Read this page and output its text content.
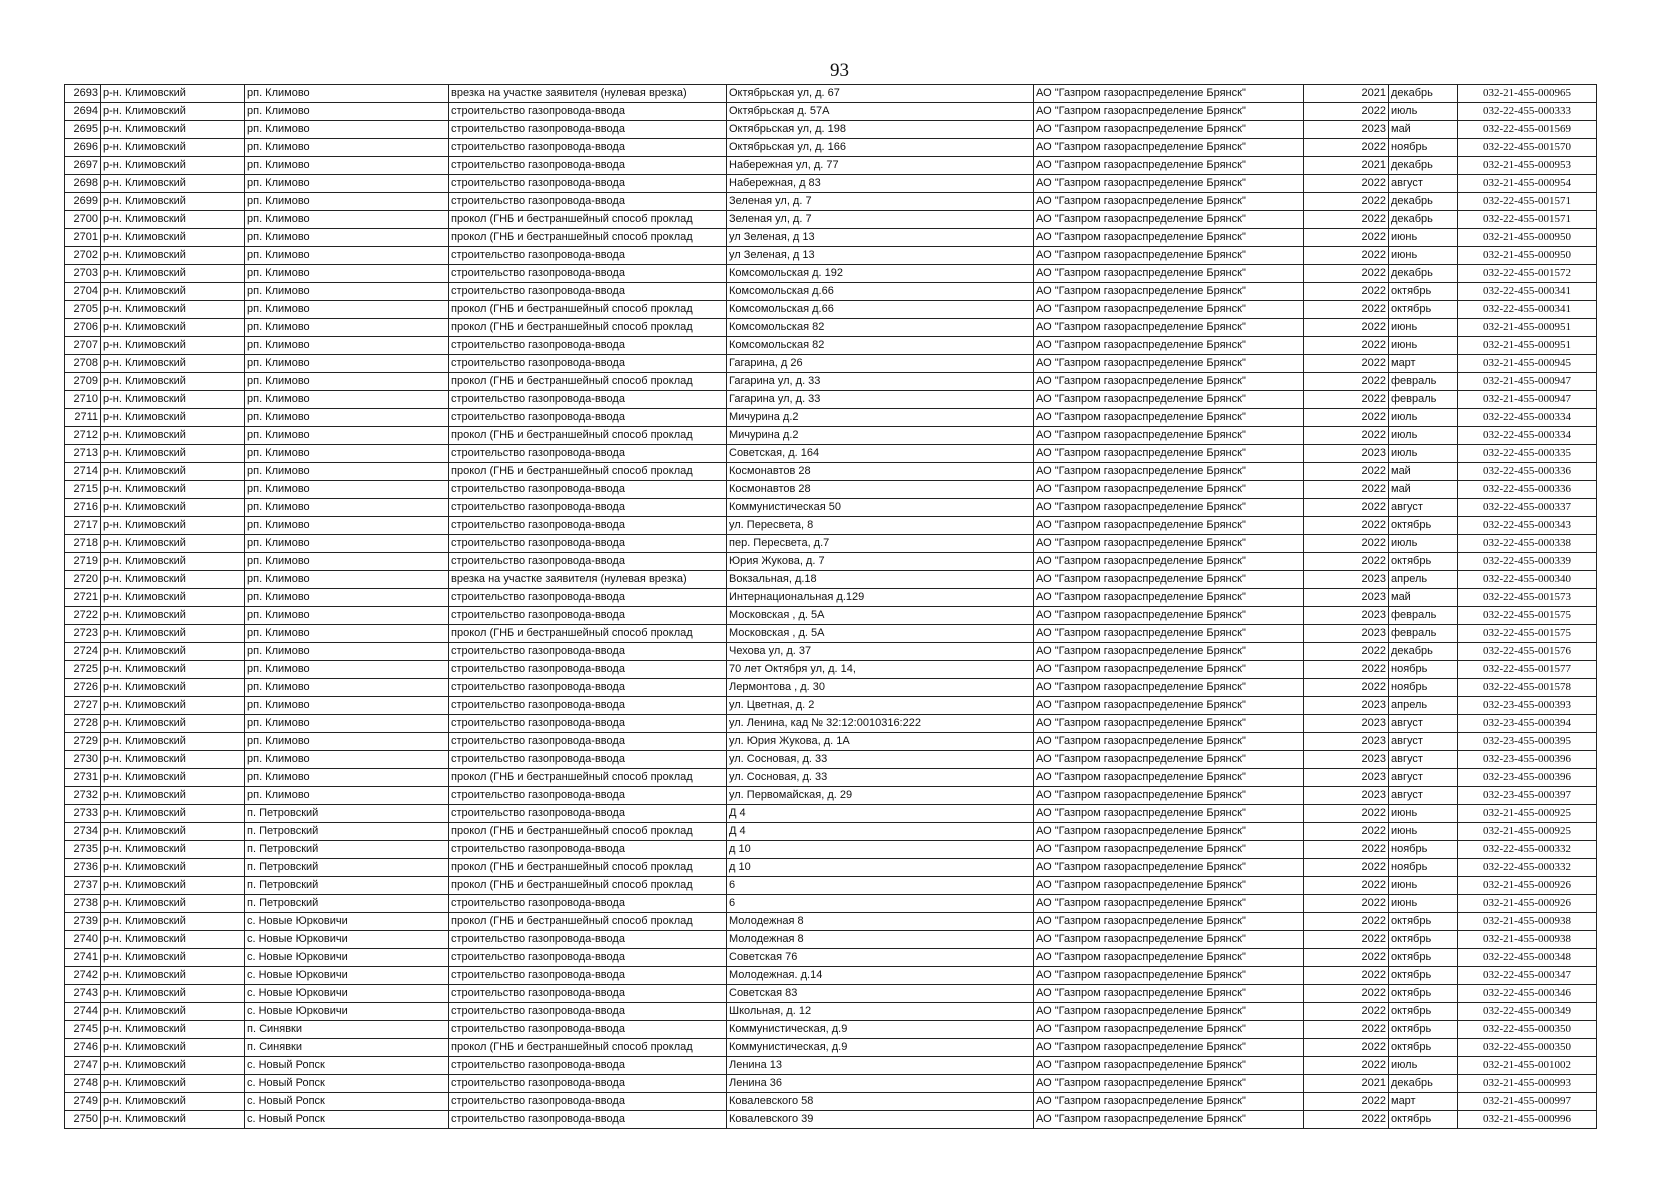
93
2693	р-н. Климовский	рп. Климово	врезка на участке заявителя (нулевая врезка)	Октябрьская ул, д. 67	АО "Газпром газораспределение Брянск"	2021	декабрь	032-21-455-000965
2694	р-н. Климовский	рп. Климово	строительство газопровода-ввода	Октябрьская д. 57А	АО "Газпром газораспределение Брянск"	2022	июль	032-22-455-000333
2695	р-н. Климовский	рп. Климово	строительство газопровода-ввода	Октябрьская ул, д. 198	АО "Газпром газораспределение Брянск"	2023	май	032-22-455-001569
2696	р-н. Климовский	рп. Климово	строительство газопровода-ввода	Октябрьская ул, д. 166	АО "Газпром газораспределение Брянск"	2022	ноябрь	032-22-455-001570
2697	р-н. Климовский	рп. Климово	строительство газопровода-ввода	Набережная ул, д. 77	АО "Газпром газораспределение Брянск"	2021	декабрь	032-21-455-000953
2698	р-н. Климовский	рп. Климово	строительство газопровода-ввода	Набережная, д 83	АО "Газпром газораспределение Брянск"	2022	август	032-21-455-000954
2699	р-н. Климовский	рп. Климово	строительство газопровода-ввода	Зеленая ул, д. 7	АО "Газпром газораспределение Брянск"	2022	декабрь	032-22-455-001571
2700	р-н. Климовский	рп. Климово	прокол (ГНБ и бестраншейный способ проклад	Зеленая ул, д. 7	АО "Газпром газораспределение Брянск"	2022	декабрь	032-22-455-001571
2701	р-н. Климовский	рп. Климово	прокол (ГНБ и бестраншейный способ проклад	ул Зеленая, д 13	АО "Газпром газораспределение Брянск"	2022	июнь	032-21-455-000950
2702	р-н. Климовский	рп. Климово	строительство газопровода-ввода	ул Зеленая, д 13	АО "Газпром газораспределение Брянск"	2022	июнь	032-21-455-000950
2703	р-н. Климовский	рп. Климово	строительство газопровода-ввода	Комсомольская д. 192	АО "Газпром газораспределение Брянск"	2022	декабрь	032-22-455-001572
2704	р-н. Климовский	рп. Климово	строительство газопровода-ввода	Комсомольская д.66	АО "Газпром газораспределение Брянск"	2022	октябрь	032-22-455-000341
2705	р-н. Климовский	рп. Климово	прокол (ГНБ и бестраншейный способ проклад	Комсомольская д.66	АО "Газпром газораспределение Брянск"	2022	октябрь	032-22-455-000341
2706	р-н. Климовский	рп. Климово	прокол (ГНБ и бестраншейный способ проклад	Комсомольская 82	АО "Газпром газораспределение Брянск"	2022	июнь	032-21-455-000951
2707	р-н. Климовский	рп. Климово	строительство газопровода-ввода	Комсомольская 82	АО "Газпром газораспределение Брянск"	2022	июнь	032-21-455-000951
2708	р-н. Климовский	рп. Климово	строительство газопровода-ввода	Гагарина, д 26	АО "Газпром газораспределение Брянск"	2022	март	032-21-455-000945
2709	р-н. Климовский	рп. Климово	прокол (ГНБ и бестраншейный способ проклад	Гагарина ул, д. 33	АО "Газпром газораспределение Брянск"	2022	февраль	032-21-455-000947
2710	р-н. Климовский	рп. Климово	строительство газопровода-ввода	Гагарина ул, д. 33	АО "Газпром газораспределение Брянск"	2022	февраль	032-21-455-000947
2711	р-н. Климовский	рп. Климово	строительство газопровода-ввода	Мичурина д.2	АО "Газпром газораспределение Брянск"	2022	июль	032-22-455-000334
2712	р-н. Климовский	рп. Климово	прокол (ГНБ и бестраншейный способ проклад	Мичурина д.2	АО "Газпром газораспределение Брянск"	2022	июль	032-22-455-000334
2713	р-н. Климовский	рп. Климово	строительство газопровода-ввода	Советская, д. 164	АО "Газпром газораспределение Брянск"	2023	июль	032-22-455-000335
2714	р-н. Климовский	рп. Климово	прокол (ГНБ и бестраншейный способ проклад	Космонавтов 28	АО "Газпром газораспределение Брянск"	2022	май	032-22-455-000336
2715	р-н. Климовский	рп. Климово	строительство газопровода-ввода	Космонавтов 28	АО "Газпром газораспределение Брянск"	2022	май	032-22-455-000336
2716	р-н. Климовский	рп. Климово	строительство газопровода-ввода	Коммунистическая 50	АО "Газпром газораспределение Брянск"	2022	август	032-22-455-000337
2717	р-н. Климовский	рп. Климово	строительство газопровода-ввода	ул. Пересвета, 8	АО "Газпром газораспределение Брянск"	2022	октябрь	032-22-455-000343
2718	р-н. Климовский	рп. Климово	строительство газопровода-ввода	пер. Пересвета, д.7	АО "Газпром газораспределение Брянск"	2022	июль	032-22-455-000338
2719	р-н. Климовский	рп. Климово	строительство газопровода-ввода	Юрия Жукова, д. 7	АО "Газпром газораспределение Брянск"	2022	октябрь	032-22-455-000339
2720	р-н. Климовский	рп. Климово	врезка на участке заявителя (нулевая врезка)	Вокзальная, д.18	АО "Газпром газораспределение Брянск"	2023	апрель	032-22-455-000340
2721	р-н. Климовский	рп. Климово	строительство газопровода-ввода	Интернациональная д.129	АО "Газпром газораспределение Брянск"	2023	май	032-22-455-001573
2722	р-н. Климовский	рп. Климово	строительство газопровода-ввода	Московская , д. 5А	АО "Газпром газораспределение Брянск"	2023	февраль	032-22-455-001575
2723	р-н. Климовский	рп. Климово	прокол (ГНБ и бестраншейный способ проклад	Московская , д. 5А	АО "Газпром газораспределение Брянск"	2023	февраль	032-22-455-001575
2724	р-н. Климовский	рп. Климово	строительство газопровода-ввода	Чехова ул, д. 37	АО "Газпром газораспределение Брянск"	2022	декабрь	032-22-455-001576
2725	р-н. Климовский	рп. Климово	строительство газопровода-ввода	70 лет Октября ул, д. 14,	АО "Газпром газораспределение Брянск"	2022	ноябрь	032-22-455-001577
2726	р-н. Климовский	рп. Климово	строительство газопровода-ввода	Лермонтова , д. 30	АО "Газпром газораспределение Брянск"	2022	ноябрь	032-22-455-001578
2727	р-н. Климовский	рп. Климово	строительство газопровода-ввода	ул. Цветная, д. 2	АО "Газпром газораспределение Брянск"	2023	апрель	032-23-455-000393
2728	р-н. Климовский	рп. Климово	строительство газопровода-ввода	ул. Ленина, кад № 32:12:0010316:222	АО "Газпром газораспределение Брянск"	2023	август	032-23-455-000394
2729	р-н. Климовский	рп. Климово	строительство газопровода-ввода	ул. Юрия Жукова, д. 1А	АО "Газпром газораспределение Брянск"	2023	август	032-23-455-000395
2730	р-н. Климовский	рп. Климово	строительство газопровода-ввода	ул. Сосновая, д. 33	АО "Газпром газораспределение Брянск"	2023	август	032-23-455-000396
2731	р-н. Климовский	рп. Климово	прокол (ГНБ и бестраншейный способ проклад	ул. Сосновая, д. 33	АО "Газпром газораспределение Брянск"	2023	август	032-23-455-000396
2732	р-н. Климовский	рп. Климово	строительство газопровода-ввода	ул. Первомайская, д. 29	АО "Газпром газораспределение Брянск"	2023	август	032-23-455-000397
2733	р-н. Климовский	п. Петровский	строительство газопровода-ввода	Д 4	АО "Газпром газораспределение Брянск"	2022	июнь	032-21-455-000925
2734	р-н. Климовский	п. Петровский	прокол (ГНБ и бестраншейный способ проклад	Д 4	АО "Газпром газораспределение Брянск"	2022	июнь	032-21-455-000925
2735	р-н. Климовский	п. Петровский	строительство газопровода-ввода	д 10	АО "Газпром газораспределение Брянск"	2022	ноябрь	032-22-455-000332
2736	р-н. Климовский	п. Петровский	прокол (ГНБ и бестраншейный способ проклад	д 10	АО "Газпром газораспределение Брянск"	2022	ноябрь	032-22-455-000332
2737	р-н. Климовский	п. Петровский	прокол (ГНБ и бестраншейный способ проклад	6	АО "Газпром газораспределение Брянск"	2022	июнь	032-21-455-000926
2738	р-н. Климовский	п. Петровский	строительство газопровода-ввода	6	АО "Газпром газораспределение Брянск"	2022	июнь	032-21-455-000926
2739	р-н. Климовский	с. Новые Юрковичи	прокол (ГНБ и бестраншейный способ проклад	Молодежная 8	АО "Газпром газораспределение Брянск"	2022	октябрь	032-21-455-000938
2740	р-н. Климовский	с. Новые Юрковичи	строительство газопровода-ввода	Молодежная 8	АО "Газпром газораспределение Брянск"	2022	октябрь	032-21-455-000938
2741	р-н. Климовский	с. Новые Юрковичи	строительство газопровода-ввода	Советская 76	АО "Газпром газораспределение Брянск"	2022	октябрь	032-22-455-000348
2742	р-н. Климовский	с. Новые Юрковичи	строительство газопровода-ввода	Молодежная. д.14	АО "Газпром газораспределение Брянск"	2022	октябрь	032-22-455-000347
2743	р-н. Климовский	с. Новые Юрковичи	строительство газопровода-ввода	Советская 83	АО "Газпром газораспределение Брянск"	2022	октябрь	032-22-455-000346
2744	р-н. Климовский	с. Новые Юрковичи	строительство газопровода-ввода	Школьная, д. 12	АО "Газпром газораспределение Брянск"	2022	октябрь	032-22-455-000349
2745	р-н. Климовский	п. Синявки	строительство газопровода-ввода	Коммунистическая, д.9	АО "Газпром газораспределение Брянск"	2022	октябрь	032-22-455-000350
2746	р-н. Климовский	п. Синявки	прокол (ГНБ и бестраншейный способ проклад	Коммунистическая, д.9	АО "Газпром газораспределение Брянск"	2022	октябрь	032-22-455-000350
2747	р-н. Климовский	с. Новый Ропск	строительство газопровода-ввода	Ленина 13	АО "Газпром газораспределение Брянск"	2022	июль	032-21-455-001002
2748	р-н. Климовский	с. Новый Ропск	строительство газопровода-ввода	Ленина 36	АО "Газпром газораспределение Брянск"	2021	декабрь	032-21-455-000993
2749	р-н. Климовский	с. Новый Ропск	строительство газопровода-ввода	Ковалевского 58	АО "Газпром газораспределение Брянск"	2022	март	032-21-455-000997
2750	р-н. Климовский	с. Новый Ропск	строительство газопровода-ввода	Ковалевского 39	АО "Газпром газораспределение Брянск"	2022	октябрь	032-21-455-000996
